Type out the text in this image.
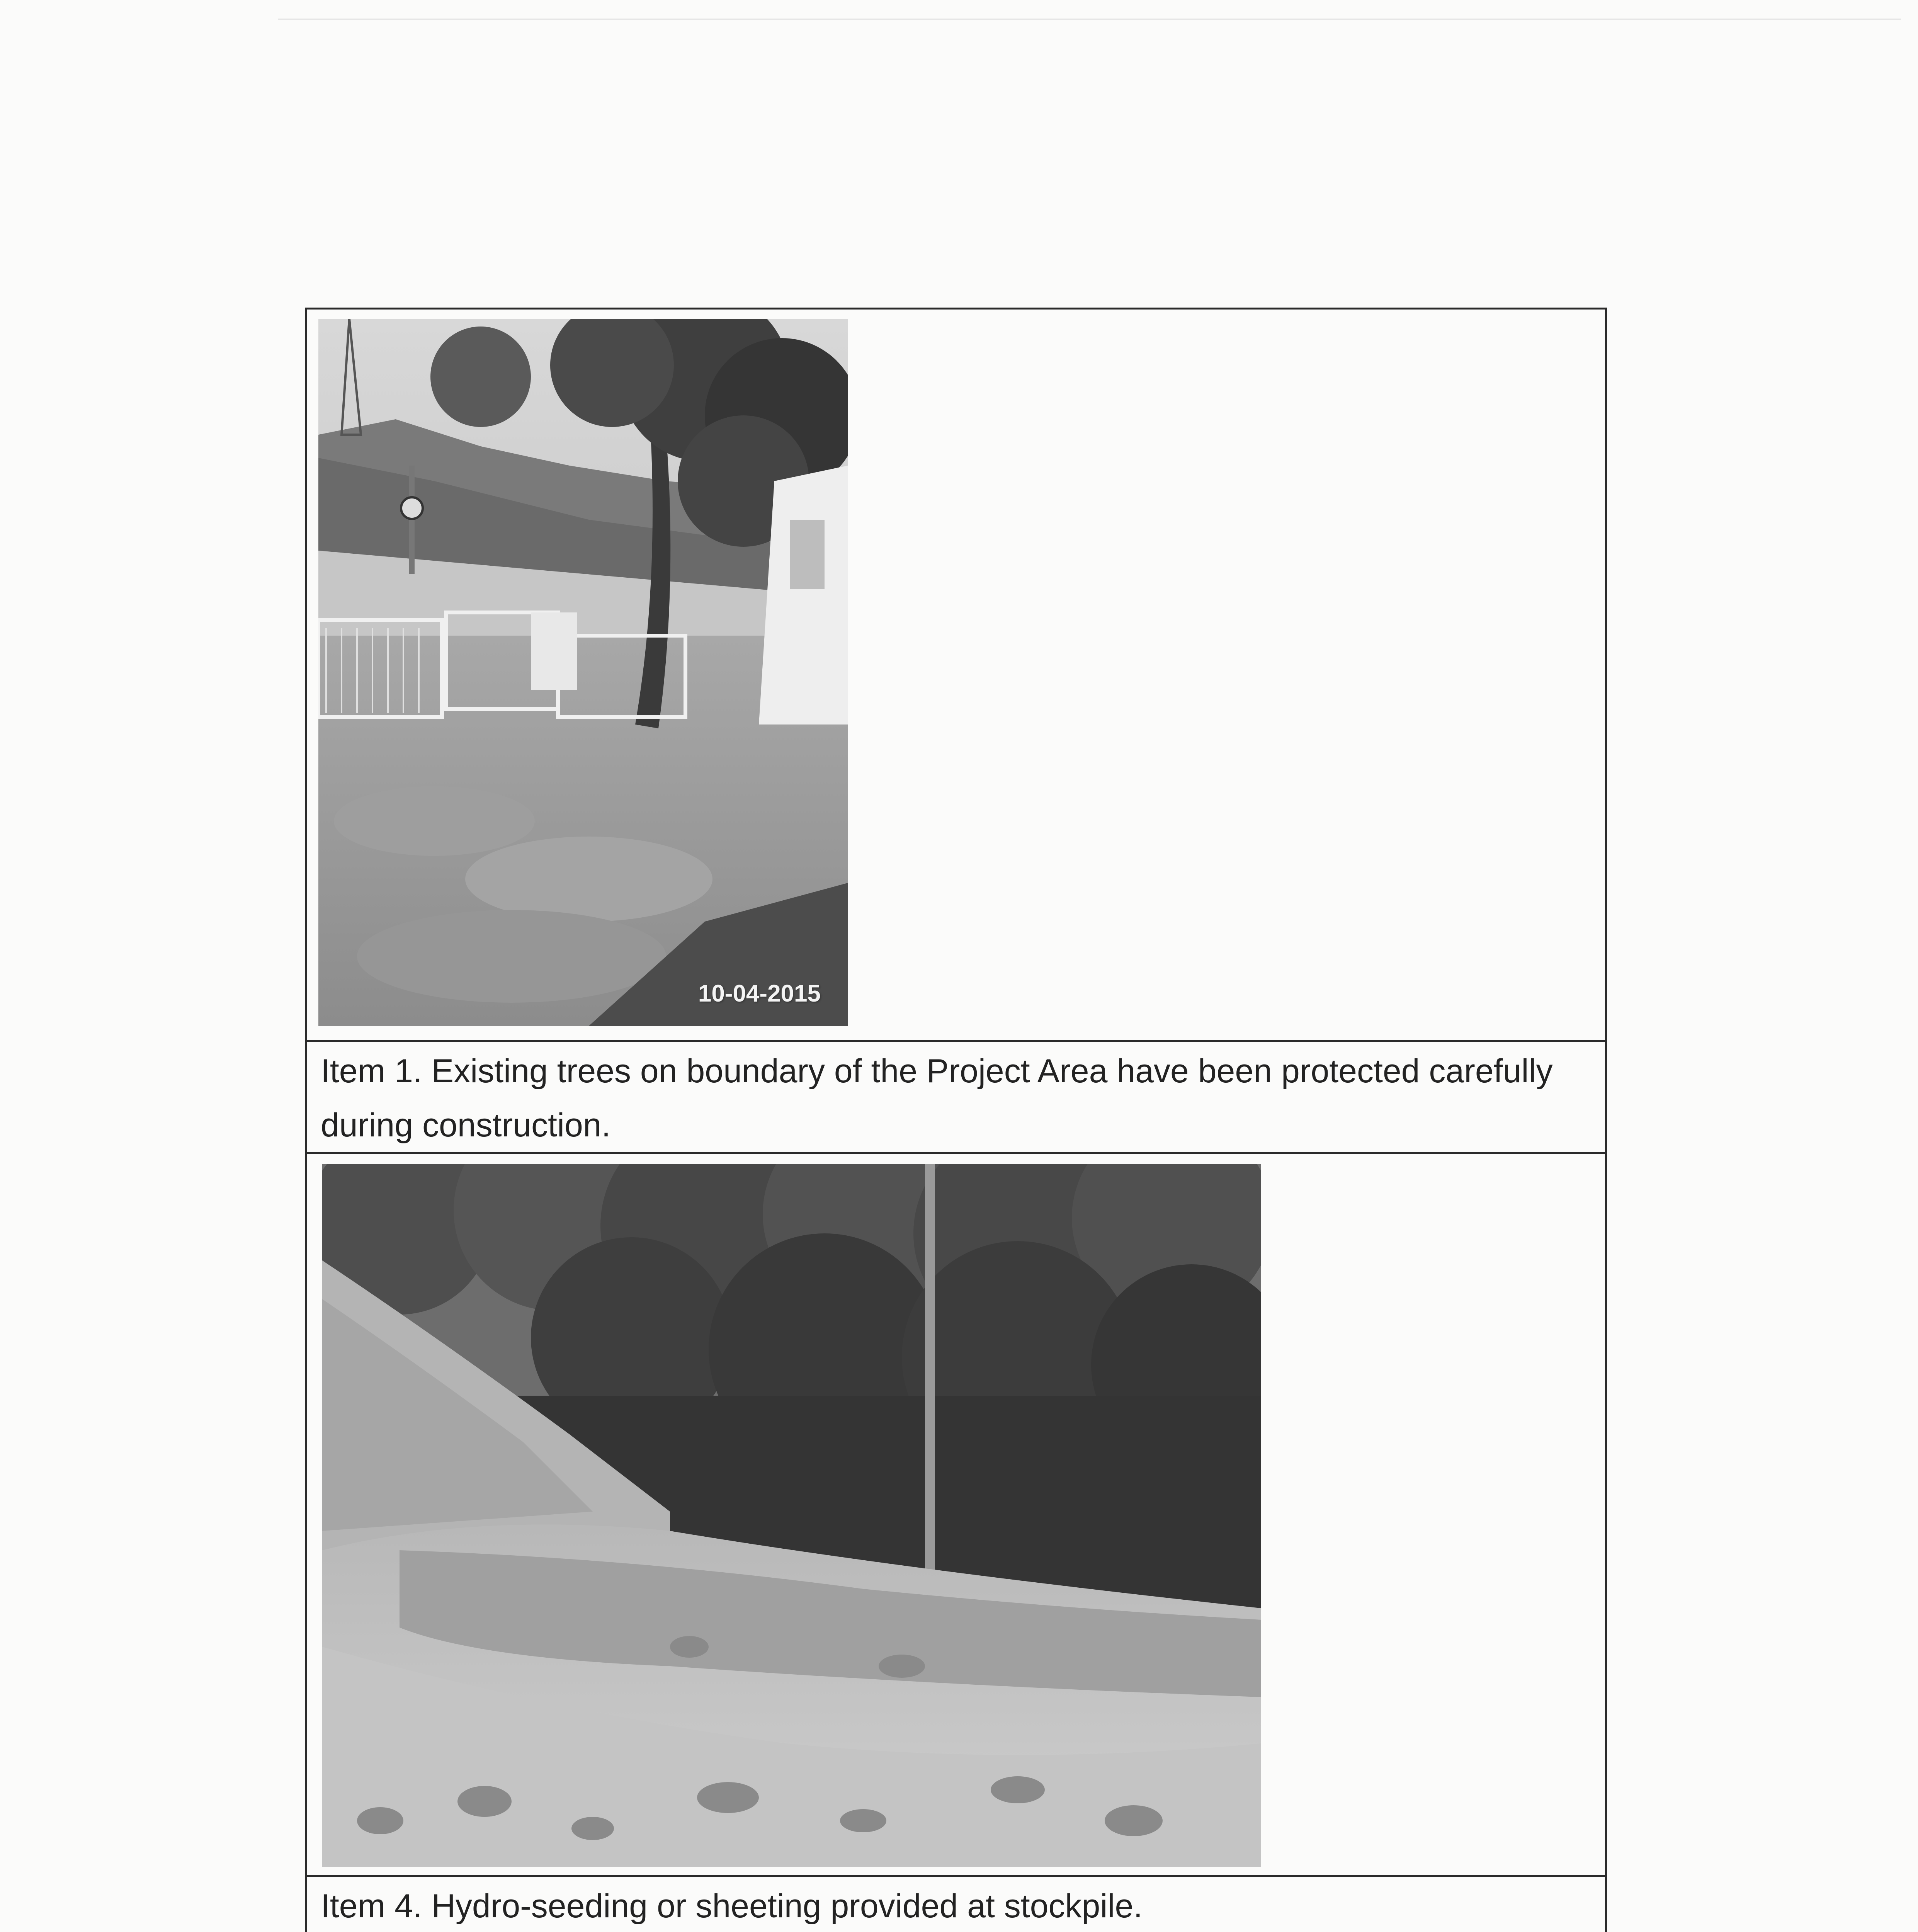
10-04-2015

Item 1. Existing trees on boundary of the Project Area have been protected carefully during construction.

Item 4. Hydro-seeding or sheeting provided at stockpile.
